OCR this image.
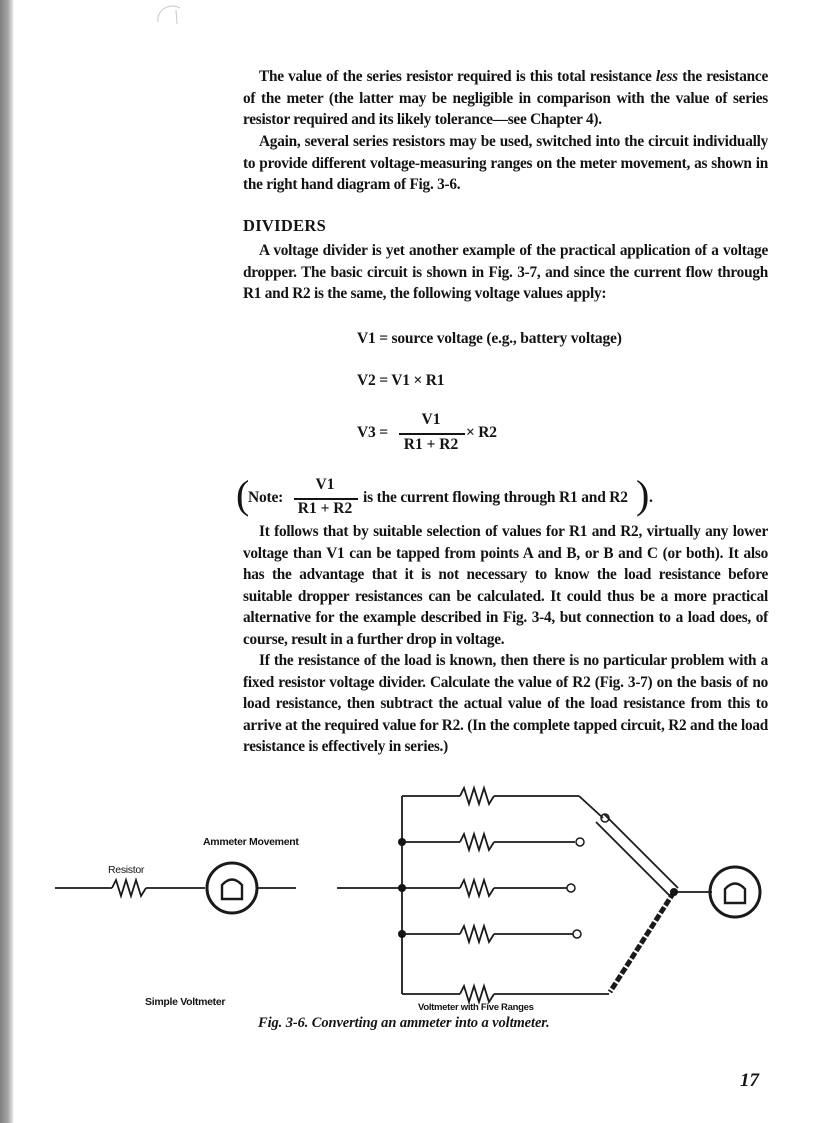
The value of the series resistor required is this total resistance less the resistance of the meter (the latter may be negligible in comparison with the value of series resistor required and its likely tolerance—see Chapter 4).

Again, several series resistors may be used, switched into the circuit individually to provide different voltage-measuring ranges on the meter movement, as shown in the right hand diagram of Fig. 3-6.

DIVIDERS

A voltage divider is yet another example of the practical application of a voltage dropper. The basic circuit is shown in Fig. 3-7, and since the current flow through R1 and R2 is the same, the following voltage values apply:

V1 = source voltage (e.g., battery voltage)
V2 = V1 × R1
V3 =
V1
R1 + R2
× R2
(
Note:
V1
R1 + R2
is the current flowing through R1 and R2 ) .

It follows that by suitable selection of values for R1 and R2, virtually any lower voltage than V1 can be tapped from points A and B, or B and C (or both). It also has the advantage that it is not necessary to know the load resistance before suitable dropper resistances can be calculated. It could thus be a more practical alternative for the example described in Fig. 3-4, but connection to a load does, of course, result in a further drop in voltage.

If the resistance of the load is known, then there is no particular problem with a fixed resistor voltage divider. Calculate the value of R2 (Fig. 3-7) on the basis of no load resistance, then subtract the actual value of the load resistance from this to arrive at the required value for R2. (In the complete tapped circuit, R2 and the load resistance is effectively in series.)

Ammeter Movement
Resistor
Simple Voltmeter	Voltmeter with Five Ranges
Fig. 3-6. Converting an ammeter into a voltmeter.
17
